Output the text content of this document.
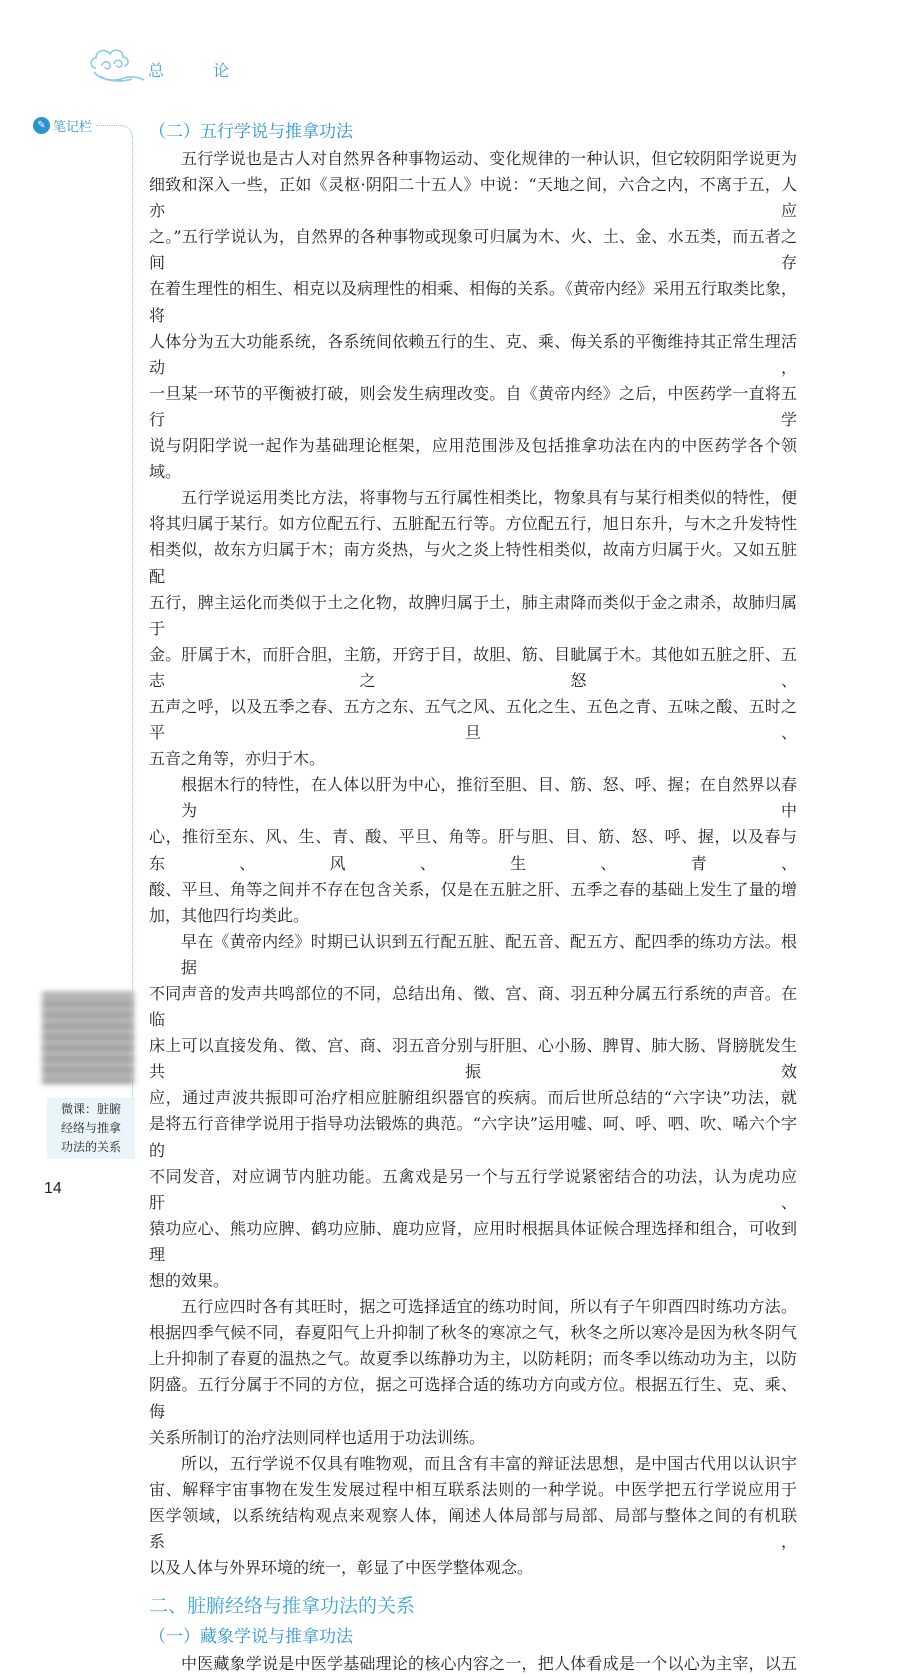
总 论
✎ 笔记栏	（二）五行学说与推拿功法
五行学说也是古人对自然界各种事物运动、变化规律的一种认识，但它较阴阳学说更为
细致和深入一些，正如《灵枢·阴阳二十五人》中说：“天地之间，六合之内，不离于五，人亦应
之。”五行学说认为，自然界的各种事物或现象可归属为木、火、土、金、水五类，而五者之间存
在着生理性的相生、相克以及病理性的相乘、相侮的关系。《黄帝内经》采用五行取类比象，将
人体分为五大功能系统，各系统间依赖五行的生、克、乘、侮关系的平衡维持其正常生理活动，
一旦某一环节的平衡被打破，则会发生病理改变。自《黄帝内经》之后，中医药学一直将五行学
说与阴阳学说一起作为基础理论框架，应用范围涉及包括推拿功法在内的中医药学各个领域。
五行学说运用类比方法，将事物与五行属性相类比，物象具有与某行相类似的特性，便
将其归属于某行。如方位配五行、五脏配五行等。方位配五行，旭日东升，与木之升发特性
相类似，故东方归属于木；南方炎热，与火之炎上特性相类似，故南方归属于火。又如五脏配
五行，脾主运化而类似于土之化物，故脾归属于土，肺主肃降而类似于金之肃杀，故肺归属于
金。肝属于木，而肝合胆，主筋，开窍于目，故胆、筋、目眦属于木。其他如五脏之肝、五志之怒、
五声之呼，以及五季之春、五方之东、五气之风、五化之生、五色之青、五味之酸、五时之平旦、
五音之角等，亦归于木。
根据木行的特性，在人体以肝为中心，推衍至胆、目、筋、怒、呼、握；在自然界以春为中
心，推衍至东、风、生、青、酸、平旦、角等。肝与胆、目、筋、怒、呼、握，以及春与东、风、生、青、
酸、平旦、角等之间并不存在包含关系，仅是在五脏之肝、五季之春的基础上发生了量的增
加，其他四行均类此。
早在《黄帝内经》时期已认识到五行配五脏、配五音、配五方、配四季的练功方法。根据
不同声音的发声共鸣部位的不同，总结出角、徵、宫、商、羽五种分属五行系统的声音。在临
床上可以直接发角、徵、宫、商、羽五音分别与肝胆、心小肠、脾胃、肺大肠、肾膀胱发生共振效
应，通过声波共振即可治疗相应脏腑组织器官的疾病。而后世所总结的“六字诀”功法，就
是将五行音律学说用于指导功法锻炼的典范。“六字诀”运用嘘、呵、呼、呬、吹、唏六个字的
不同发音，对应调节内脏功能。五禽戏是另一个与五行学说紧密结合的功法，认为虎功应肝、
猿功应心、熊功应脾、鹤功应肺、鹿功应肾，应用时根据具体证候合理选择和组合，可收到理
想的效果。
五行应四时各有其旺时，据之可选择适宜的练功时间，所以有子午卯酉四时练功方法。
根据四季气候不同，春夏阳气上升抑制了秋冬的寒凉之气，秋冬之所以寒冷是因为秋冬阴气
上升抑制了春夏的温热之气。故夏季以练静功为主，以防耗阴；而冬季以练动功为主，以防
阴盛。五行分属于不同的方位，据之可选择合适的练功方向或方位。根据五行生、克、乘、侮
关系所制订的治疗法则同样也适用于功法训练。
所以，五行学说不仅具有唯物观，而且含有丰富的辩证法思想，是中国古代用以认识宇
宙、解释宇宙事物在发生发展过程中相互联系法则的一种学说。中医学把五行学说应用于
医学领域，以系统结构观点来观察人体，阐述人体局部与局部、局部与整体之间的有机联系，
以及人体与外界环境的统一，彰显了中医学整体观念。
二、脏腑经络与推拿功法的关系
（一）藏象学说与推拿功法
中医藏象学说是中医学基础理论的核心内容之一，把人体看成是一个以心为主宰，以五
微课：脏腑
经络与推拿
功法的关系
14
